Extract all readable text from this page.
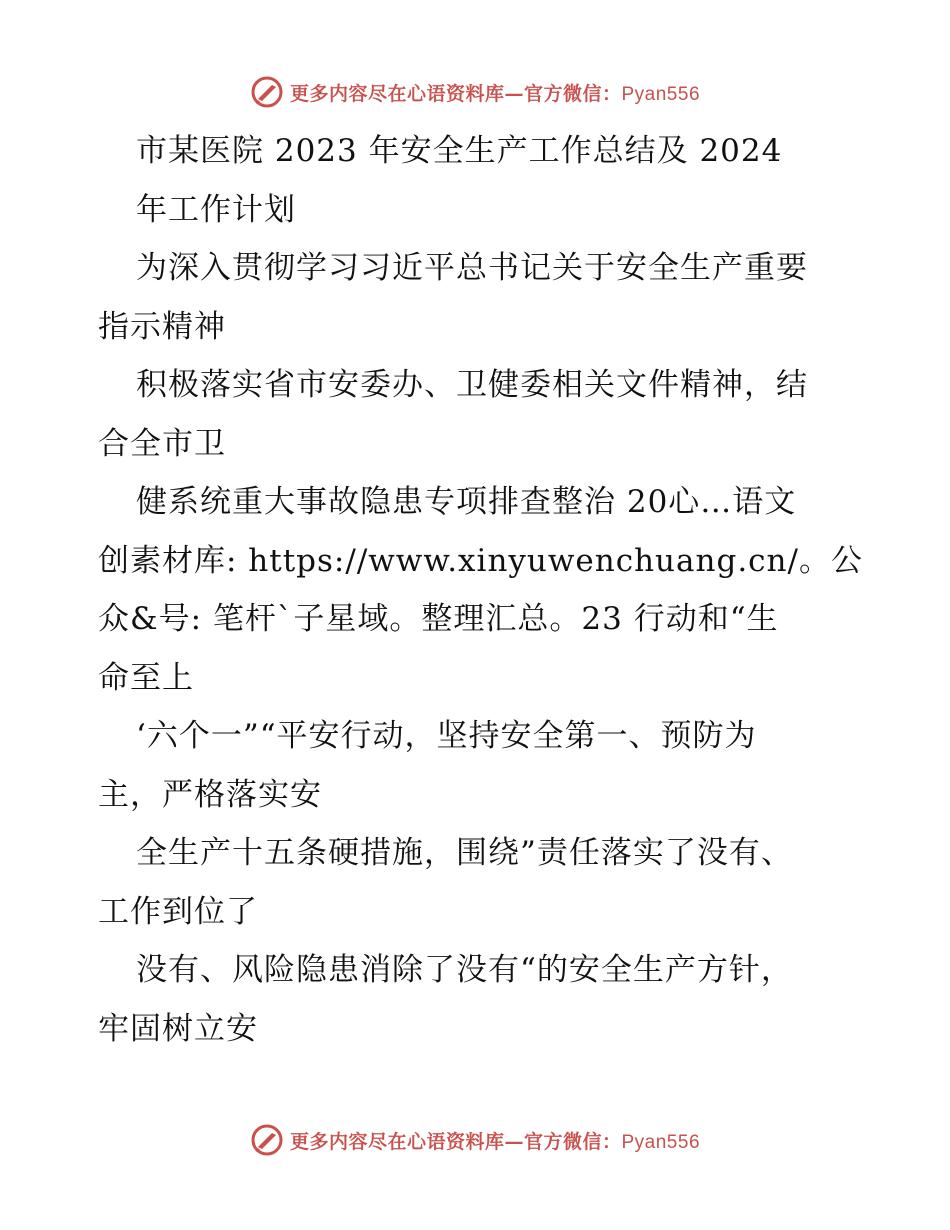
更多内容尽在心语资料库—官方微信：Pyan556
市某医院 2023 年安全生产工作总结及 2024
年工作计划
为深入贯彻学习习近平总书记关于安全生产重要
指示精神
积极落实省市安委办、卫健委相关文件精神，结
合全市卫
健系统重大事故隐患专项排查整治 20心…语文
创素材库: https://www.xinyuwenchuang.cn/。公
众&号: 笔杆`子星域。整理汇总。23 行动和“生
命至上
‘六个一”“平安行动，坚持安全第一、预防为
主，严格落实安
全生产十五条硬措施，围绕”责任落实了没有、
工作到位了
没有、风险隐患消除了没有“的安全生产方针，
牢固树立安
更多内容尽在心语资料库—官方微信：Pyan556
